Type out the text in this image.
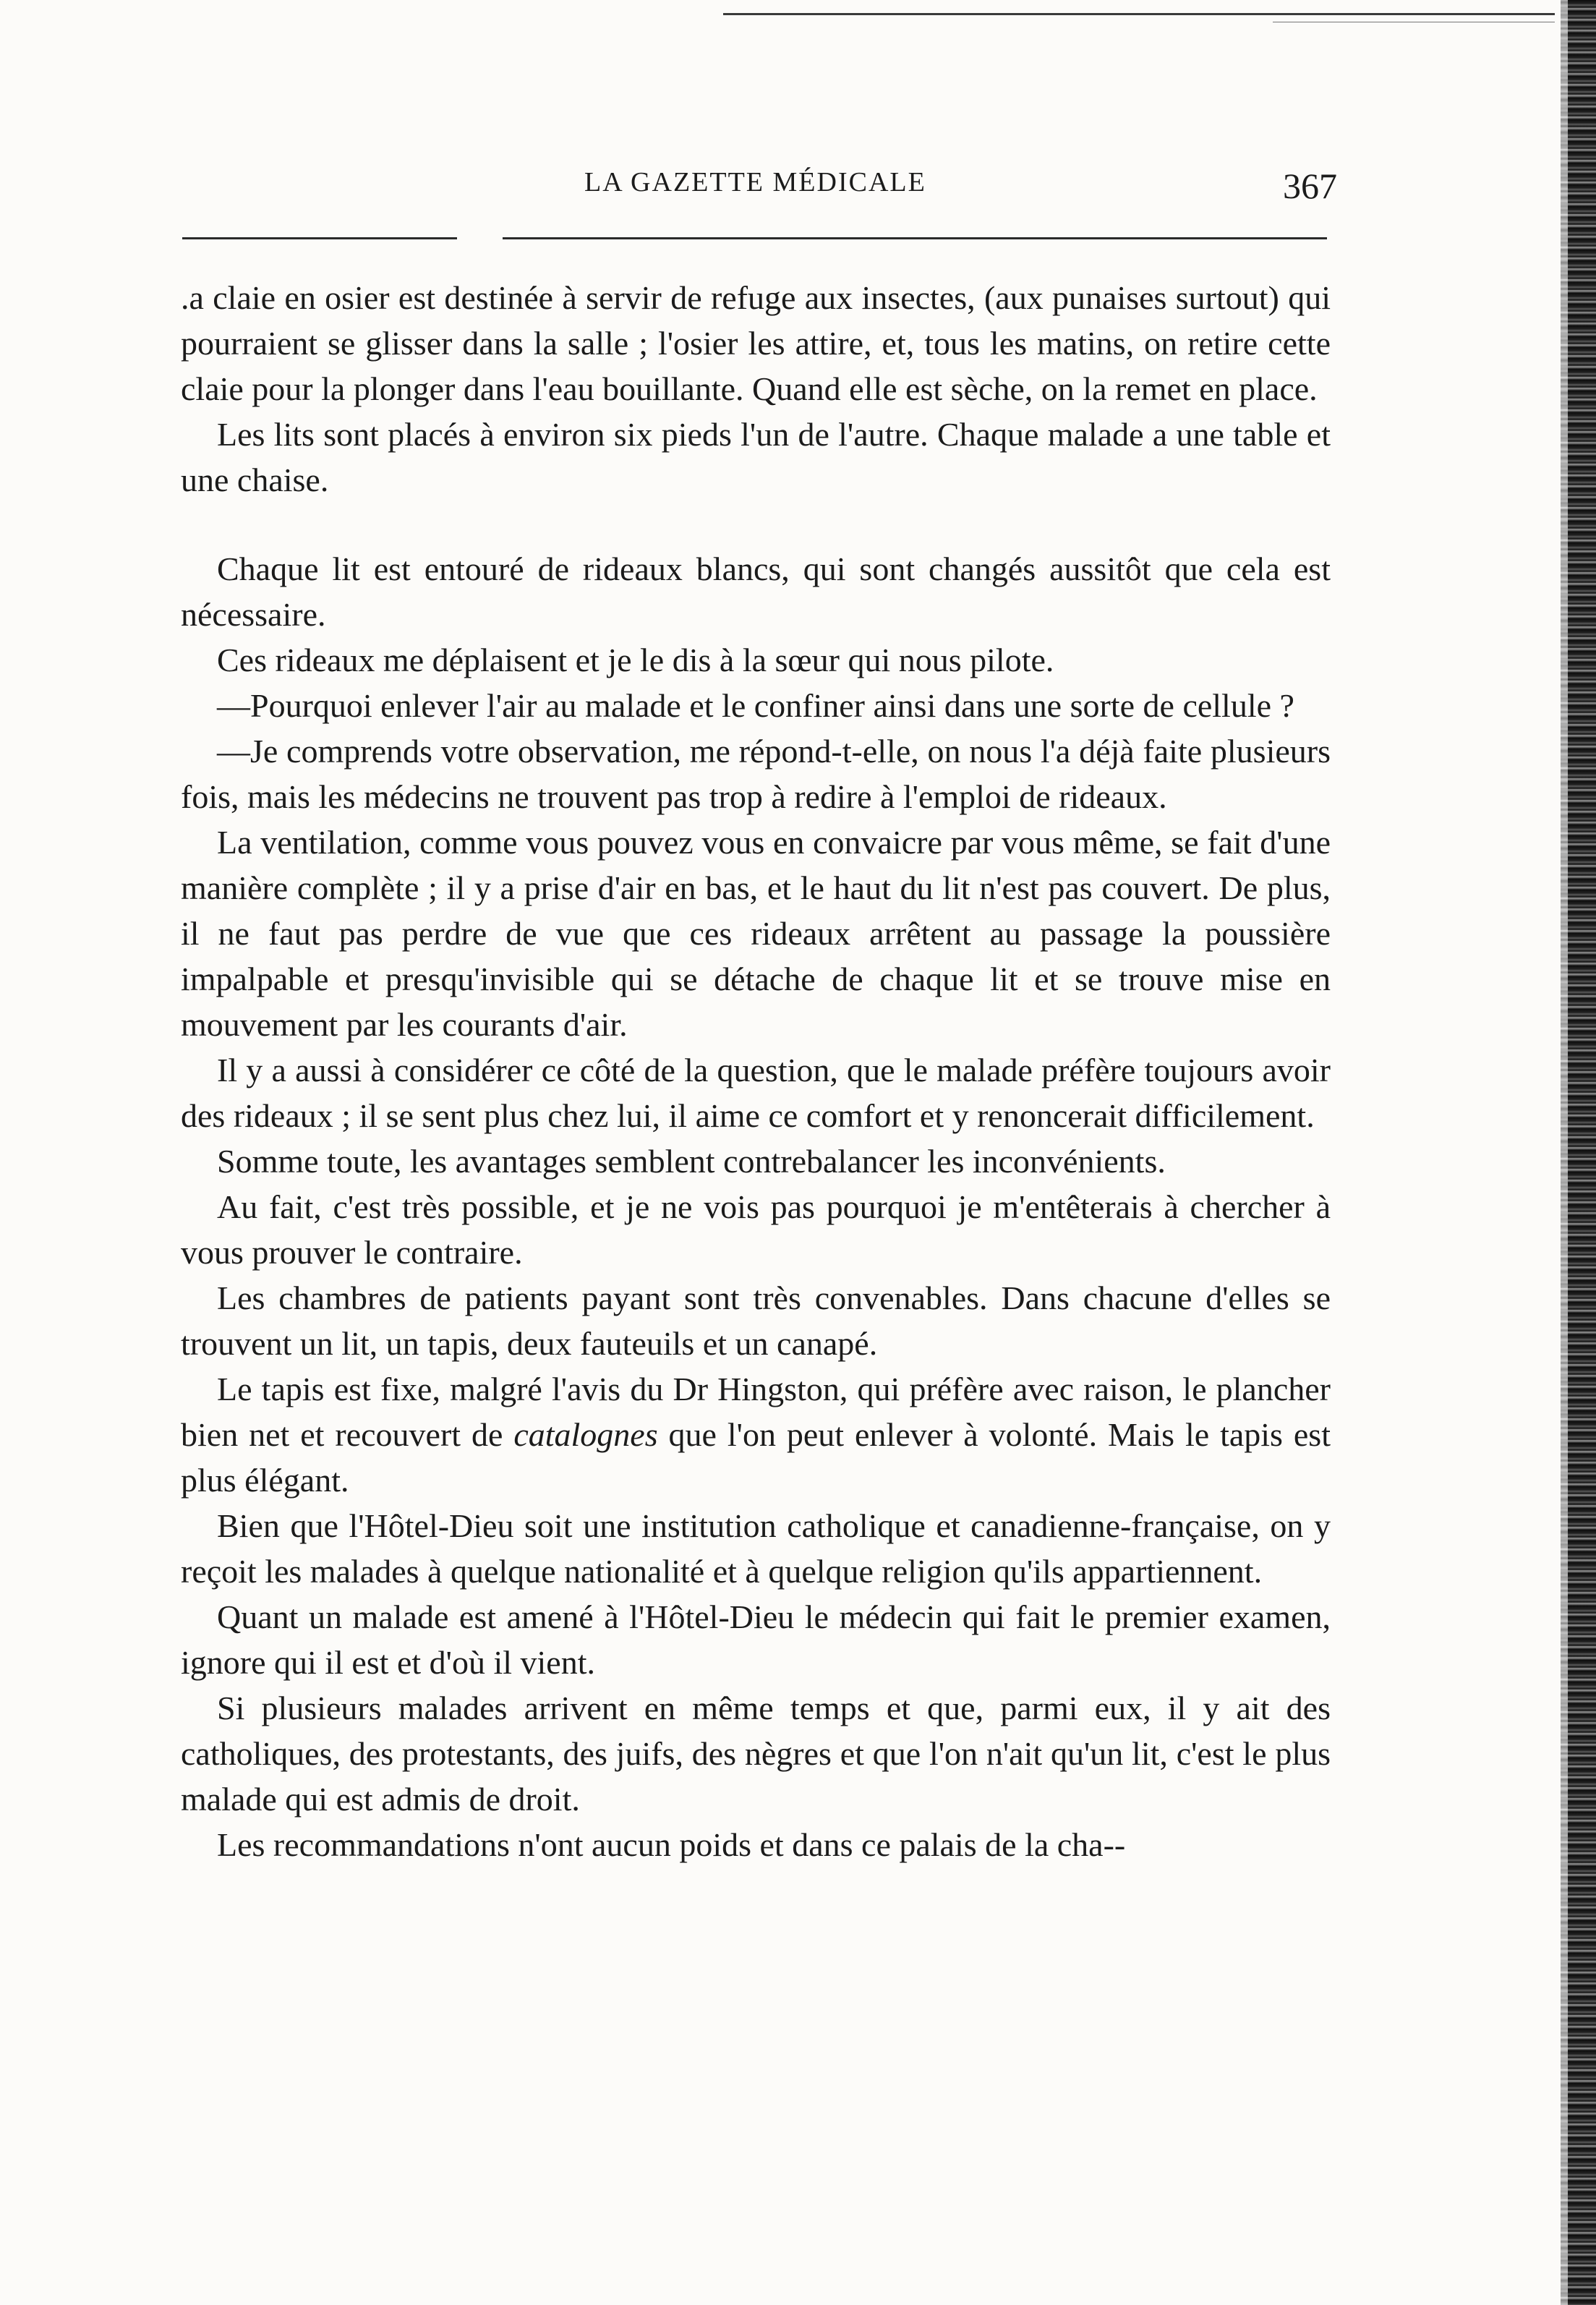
LA GAZETTE MÉDICALE	367

.a claie en osier est destinée à servir de refuge aux insectes, (aux punaises surtout) qui pourraient se glisser dans la salle ; l'osier les attire, et, tous les matins, on retire cette claie pour la plonger dans l'eau bouillante. Quand elle est sèche, on la remet en place.

Les lits sont placés à environ six pieds l'un de l'autre. Chaque malade a une table et une chaise.

Chaque lit est entouré de rideaux blancs, qui sont changés aussitôt que cela est nécessaire.

Ces rideaux me déplaisent et je le dis à la sœur qui nous pilote.

—Pourquoi enlever l'air au malade et le confiner ainsi dans une sorte de cellule ?

—Je comprends votre observation, me répond-t-elle, on nous l'a déjà faite plusieurs fois, mais les médecins ne trouvent pas trop à redire à l'emploi de rideaux.

La ventilation, comme vous pouvez vous en convaicre par vous même, se fait d'une manière complète ; il y a prise d'air en bas, et le haut du lit n'est pas couvert. De plus, il ne faut pas perdre de vue que ces rideaux arrêtent au passage la poussière impalpable et presqu'invisible qui se détache de chaque lit et se trouve mise en mouvement par les courants d'air.

Il y a aussi à considérer ce côté de la question, que le malade préfère toujours avoir des rideaux ; il se sent plus chez lui, il aime ce comfort et y renoncerait difficilement.

Somme toute, les avantages semblent contrebalancer les inconvénients.

Au fait, c'est très possible, et je ne vois pas pourquoi je m'entêterais à chercher à vous prouver le contraire.

Les chambres de patients payant sont très convenables. Dans chacune d'elles se trouvent un lit, un tapis, deux fauteuils et un canapé.

Le tapis est fixe, malgré l'avis du Dr Hingston, qui préfère avec raison, le plancher bien net et recouvert de catalognes que l'on peut enlever à volonté. Mais le tapis est plus élégant.

Bien que l'Hôtel-Dieu soit une institution catholique et canadienne-française, on y reçoit les malades à quelque nationalité et à quelque religion qu'ils appartiennent.

Quant un malade est amené à l'Hôtel-Dieu le médecin qui fait le premier examen, ignore qui il est et d'où il vient.

Si plusieurs malades arrivent en même temps et que, parmi eux, il y ait des catholiques, des protestants, des juifs, des nègres et que l'on n'ait qu'un lit, c'est le plus malade qui est admis de droit.

Les recommandations n'ont aucun poids et dans ce palais de la cha--
